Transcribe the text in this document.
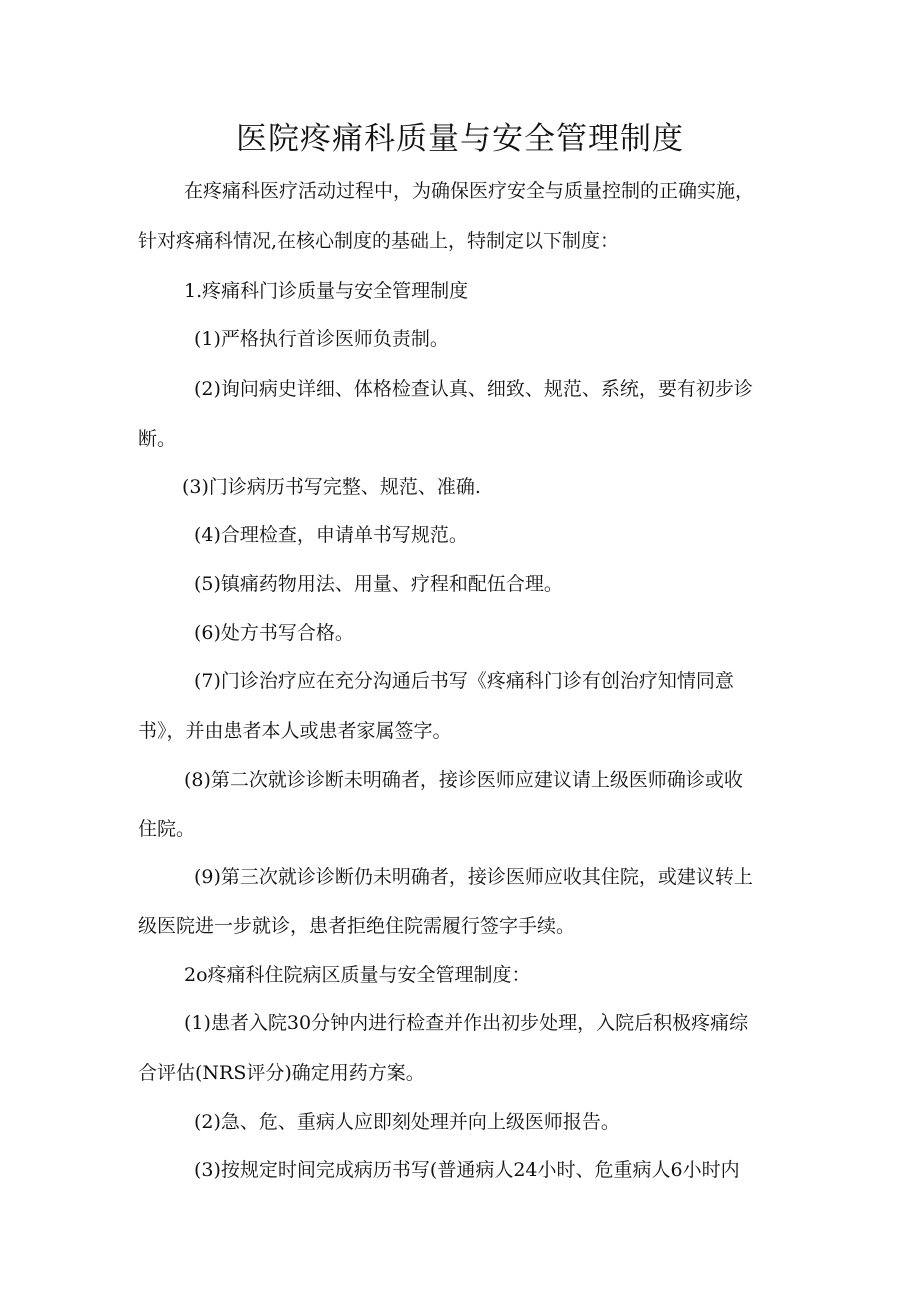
医院疼痛科质量与安全管理制度
在疼痛科医疗活动过程中，为确保医疗安全与质量控制的正确实施，
针对疼痛科情况,在核心制度的基础上，特制定以下制度：
1.疼痛科门诊质量与安全管理制度
(1)严格执行首诊医师负责制。
(2)询问病史详细、体格检查认真、细致、规范、系统，要有初步诊
断。
(3)门诊病历书写完整、规范、准确.
(4)合理检查，申请单书写规范。
(5)镇痛药物用法、用量、疗程和配伍合理。
(6)处方书写合格。
(7)门诊治疗应在充分沟通后书写《疼痛科门诊有创治疗知情同意
书》，并由患者本人或患者家属签字。
(8)第二次就诊诊断未明确者，接诊医师应建议请上级医师确诊或收
住院。
(9)第三次就诊诊断仍未明确者，接诊医师应收其住院，或建议转上
级医院进一步就诊，患者拒绝住院需履行签字手续。
2o疼痛科住院病区质量与安全管理制度：
(1)患者入院30分钟内进行检查并作出初步处理，入院后积极疼痛综
合评估(NRS评分)确定用药方案。
(2)急、危、重病人应即刻处理并向上级医师报告。
(3)按规定时间完成病历书写(普通病人24小时、危重病人6小时内
